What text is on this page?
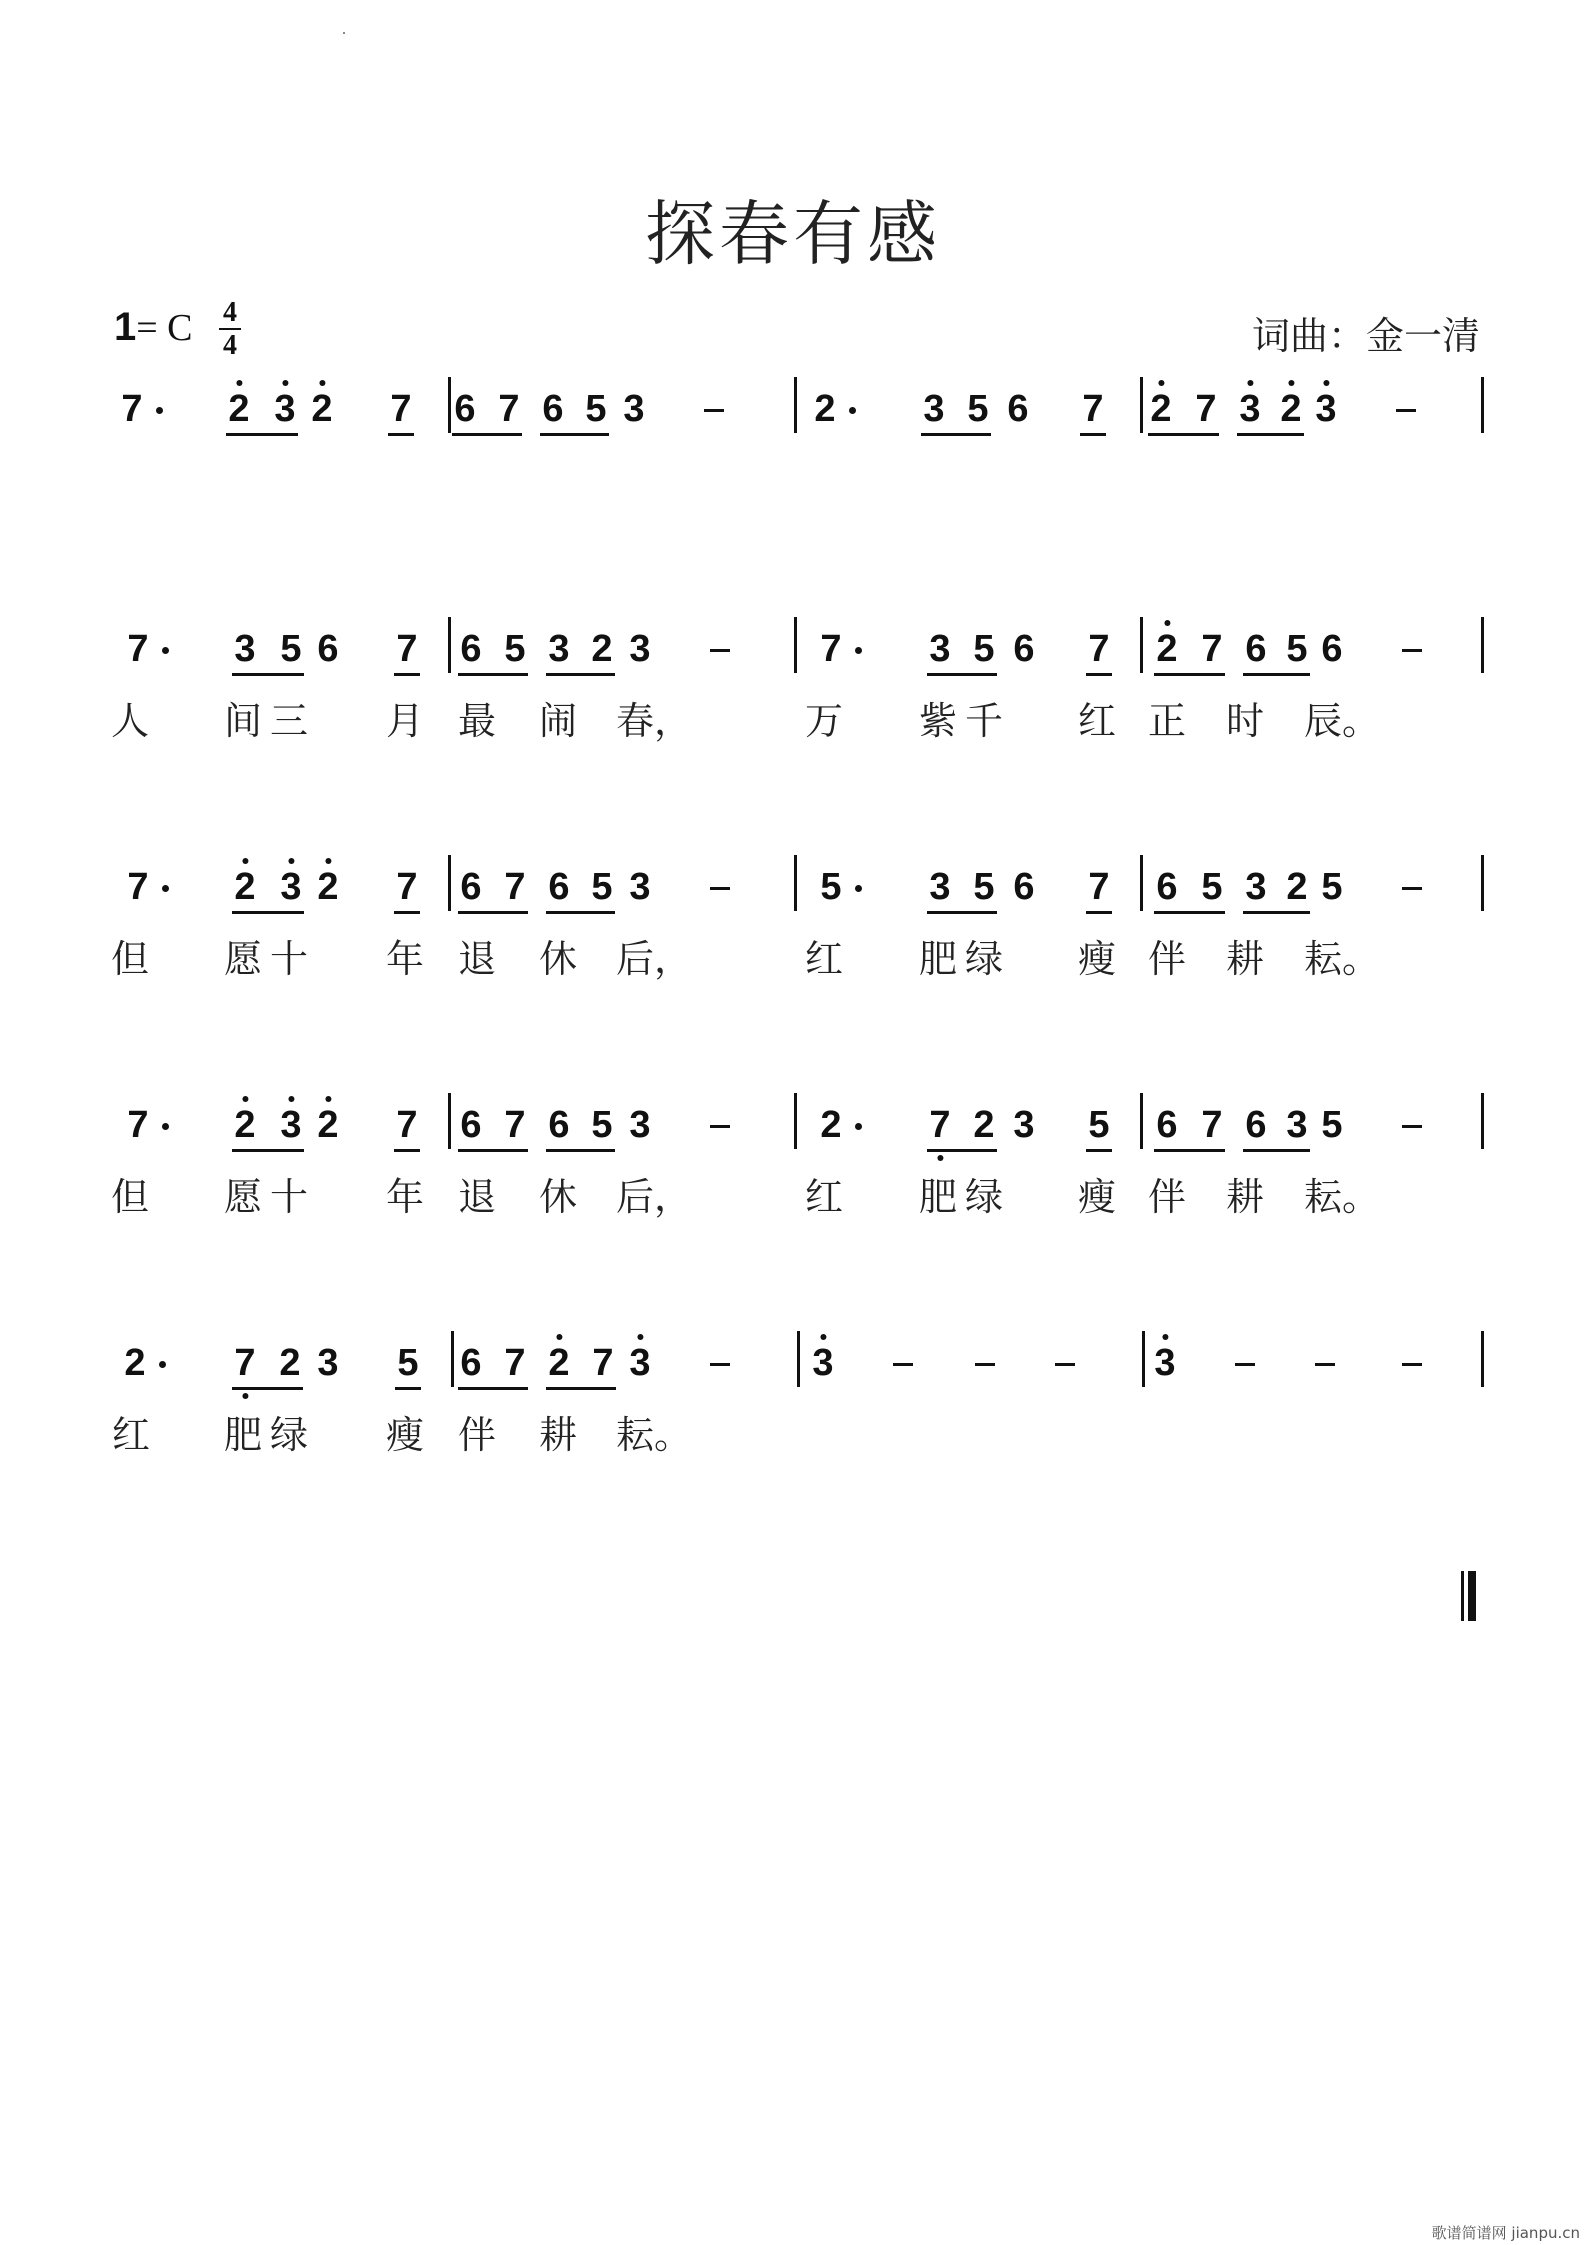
探春有感
1= C 4
4	词曲：金一清
7 2 3 2 7 6 7 6 5 3	2 3 5 6 7 2 7 3 2 3
7 3 5 6 7 6 5 3 2 3	7 3 5 6 7 2 7 6 5 6
人 间 三 月 最 闹 春，	万 紫 千 红 正 时 辰。
7 2 3 2 7 6 7 6 5 3	5 3 5 6 7 6 5 3 2 5
但 愿 十 年 退 休 后，	红 肥 绿 瘦 伴 耕 耘。
7 2 3 2 7 6 7 6 5 3	2 7 2 3 5 6 7 6 3 5
但 愿 十 年 退 休 后，	红 肥 绿 瘦 伴 耕 耘。
2 7 2 3 5 6 7 2 7 3	3	3
红 肥 绿 瘦 伴 耕 耘。
歌谱简谱网 jianpu.cn
